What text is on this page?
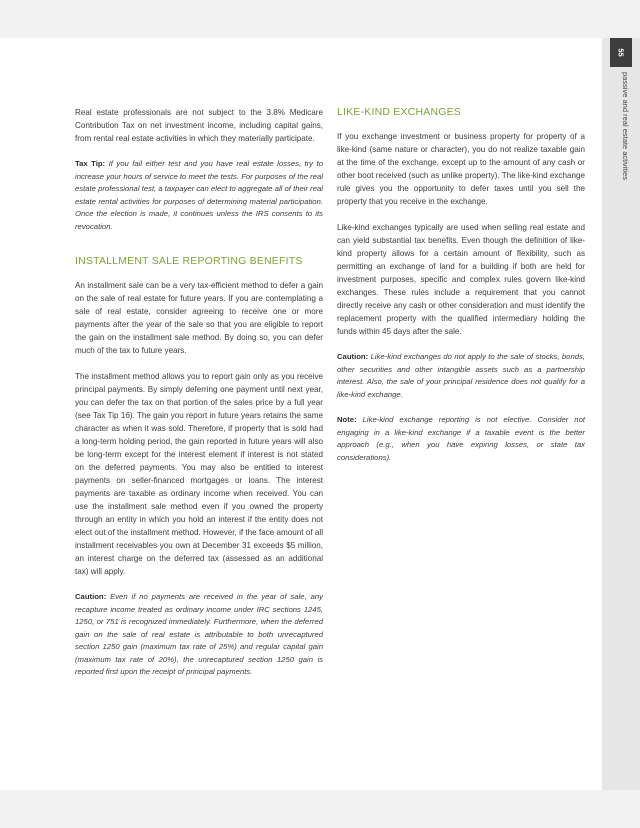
55
passive and real estate activities

Real estate professionals are not subject to the 3.8% Medicare Contribution Tax on net investment income, including capital gains, from rental real estate activities in which they materially participate.

Tax Tip: If you fail either test and you have real estate losses, try to increase your hours of service to meet the tests. For purposes of the real estate professional test, a taxpayer can elect to aggregate all of their real estate rental activities for purposes of determining material participation. Once the election is made, it continues unless the IRS consents to its revocation.

INSTALLMENT SALE REPORTING BENEFITS

An installment sale can be a very tax-efficient method to defer a gain on the sale of real estate for future years. If you are contemplating a sale of real estate, consider agreeing to receive one or more payments after the year of the sale so that you are eligible to report the gain on the installment sale method. By doing so, you can defer much of the tax to future years.

The installment method allows you to report gain only as you receive principal payments. By simply deferring one payment until next year, you can defer the tax on that portion of the sales price by a full year (see Tax Tip 16). The gain you report in future years retains the same character as when it was sold. Therefore, if property that is sold had a long-term holding period, the gain reported in future years will also be long-term except for the interest element if interest is not stated on the deferred payments. You may also be entitled to interest payments on seller-financed mortgages or loans. The interest payments are taxable as ordinary income when received. You can use the installment sale method even if you owned the property through an entity in which you hold an interest if the entity does not elect out of the installment method. However, if the face amount of all installment receivables you own at December 31 exceeds $5 million, an interest charge on the deferred tax (assessed as an additional tax) will apply.

Caution: Even if no payments are received in the year of sale, any recapture income treated as ordinary income under IRC sections 1245, 1250, or 751 is recognized immediately. Furthermore, when the deferred gain on the sale of real estate is attributable to both unrecaptured section 1250 gain (maximum tax rate of 25%) and regular capital gain (maximum tax rate of 20%), the unrecaptured section 1250 gain is reported first upon the receipt of principal payments.

LIKE-KIND EXCHANGES

If you exchange investment or business property for property of a like-kind (same nature or character), you do not realize taxable gain at the time of the exchange, except up to the amount of any cash or other boot received (such as unlike property). The like-kind exchange rule gives you the opportunity to defer taxes until you sell the property that you receive in the exchange.

Like-kind exchanges typically are used when selling real estate and can yield substantial tax benefits. Even though the definition of like-kind property allows for a certain amount of flexibility, such as permitting an exchange of land for a building if both are held for investment purposes, specific and complex rules govern like-kind exchanges. These rules include a requirement that you cannot directly receive any cash or other consideration and must identify the replacement property with the qualified intermediary holding the funds within 45 days after the sale.

Caution: Like-kind exchanges do not apply to the sale of stocks, bonds, other securities and other intangible assets such as a partnership interest. Also, the sale of your principal residence does not qualify for a like-kind exchange.

Note: Like-kind exchange reporting is not elective. Consider not engaging in a like-kind exchange if a taxable event is the better approach (e.g., when you have expiring losses, or state tax considerations).
